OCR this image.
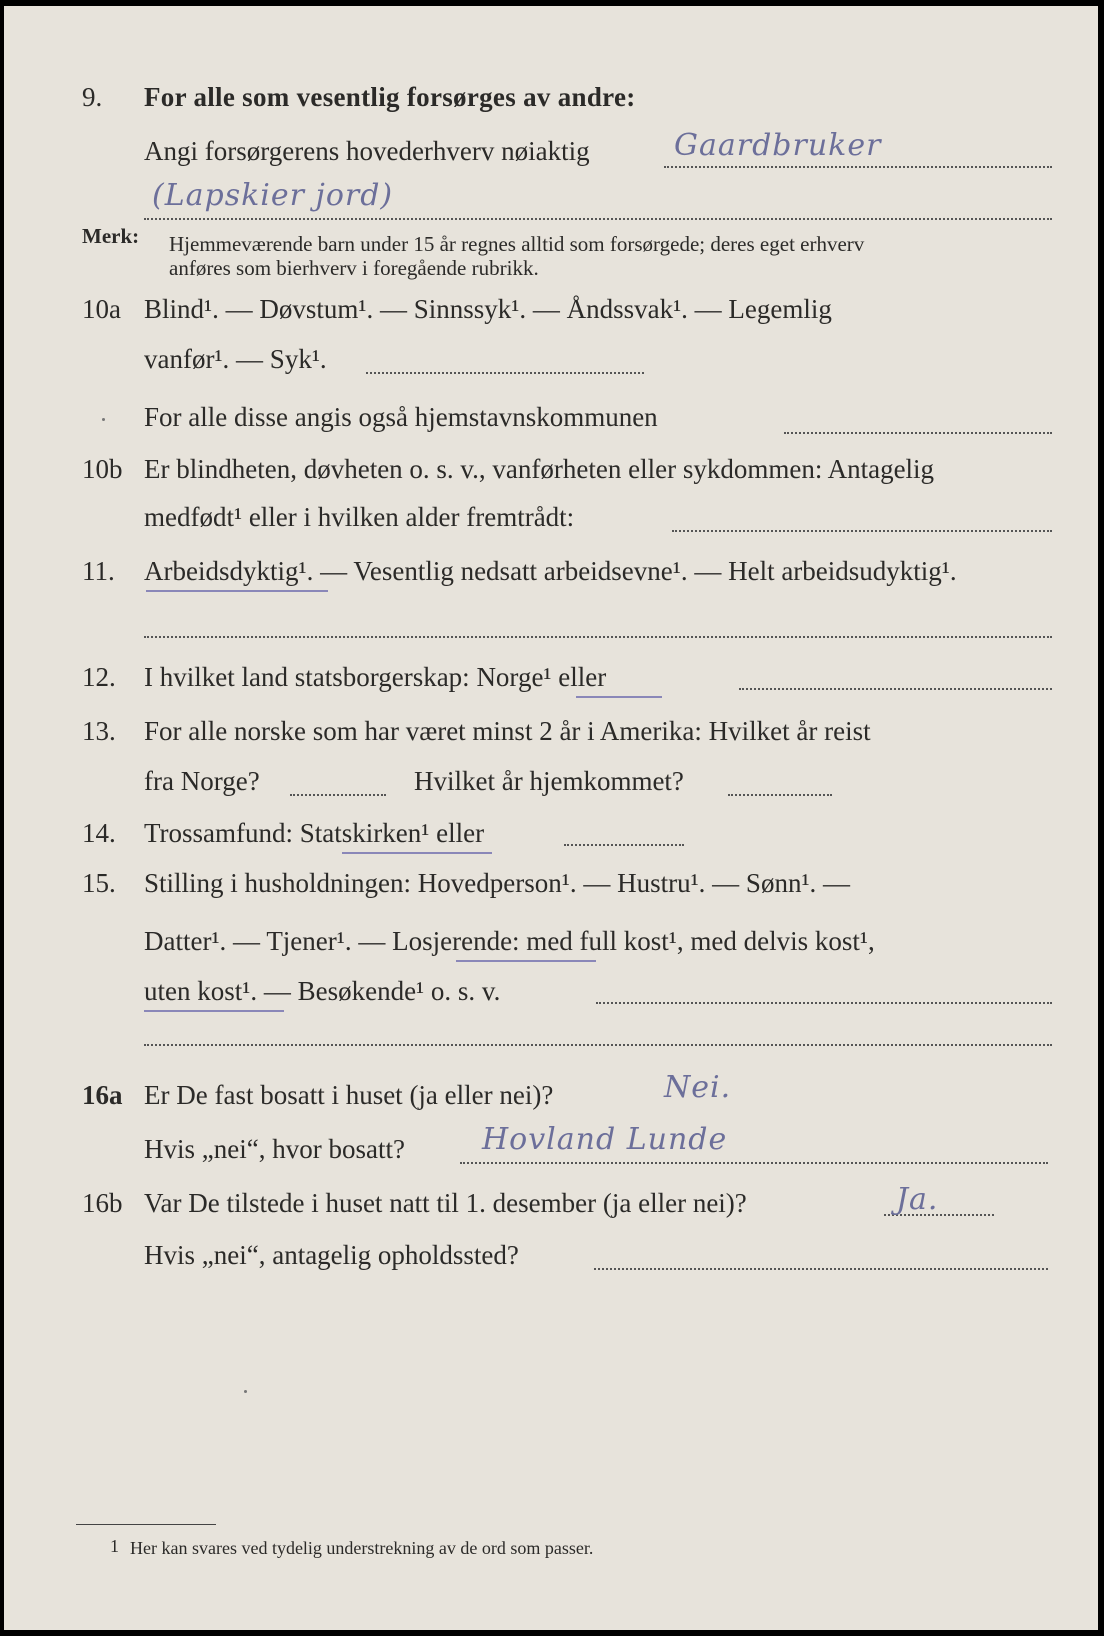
9. For alle som vesentlig forsørges av andre:
Angi forsørgerens hovederhverv nøiaktig	Gaardbruker
(Lapskier jord)
Merk: Hjemmeværende barn under 15 år regnes alltid som forsørgede; deres eget erhverv
anføres som bierhverv i foregående rubrikk.
10a Blind¹. — Døvstum¹. — Sinnssyk¹. — Åndssvak¹. — Legemlig
vanfør¹. — Syk¹.
For alle disse angis også hjemstavnskommunen
10b Er blindheten, døvheten o. s. v., vanførheten eller sykdommen: Antagelig
medfødt¹ eller i hvilken alder fremtrådt:
11. Arbeidsdyktig¹. — Vesentlig nedsatt arbeidsevne¹. — Helt arbeidsudyktig¹.
12. I hvilket land statsborgerskap: Norge¹ eller
13. For alle norske som har været minst 2 år i Amerika: Hvilket år reist
fra Norge?	Hvilket år hjemkommet?
14. Trossamfund: Statskirken¹ eller
15. Stilling i husholdningen: Hovedperson¹. — Hustru¹. — Sønn¹. —
Datter¹. — Tjener¹. — Losjerende: med full kost¹, med delvis kost¹,
uten kost¹. — Besøkende¹ o. s. v.
16a Er De fast bosatt i huset (ja eller nei)?	Nei.
Hvis „nei“, hvor bosatt?	Hovland Lunde
16b Var De tilstede i huset natt til 1. desember (ja eller nei)?	Ja.
Hvis „nei“, antagelig opholdssted?
1 Her kan svares ved tydelig understrekning av de ord som passer.
